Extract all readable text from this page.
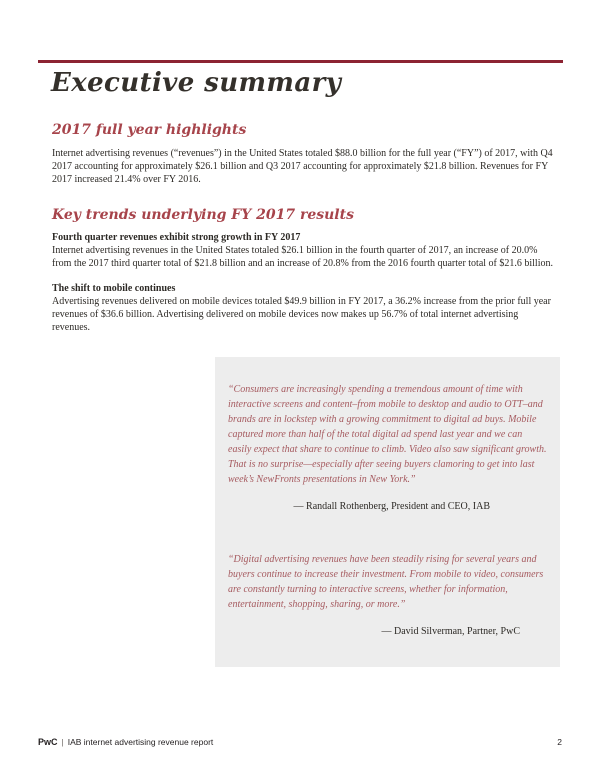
Executive summary
2017 full year highlights

Internet advertising revenues (“revenues”) in the United States totaled $88.0 billion for the full year (“FY”) of 2017, with Q4 2017 accounting for approximately $26.1 billion and Q3 2017 accounting for approximately $21.8 billion. Revenues for FY 2017 increased 21.4% over FY 2016.

Key trends underlying FY 2017 results
Fourth quarter revenues exhibit strong growth in FY 2017

Internet advertising revenues in the United States totaled $26.1 billion in the fourth quarter of 2017, an increase of 20.0% from the 2017 third quarter total of $21.8 billion and an increase of 20.8% from the 2016 fourth quarter total of $21.6 billion.

The shift to mobile continues

Advertising revenues delivered on mobile devices totaled $49.9 billion in FY 2017, a 36.2% increase from the prior full year revenues of $36.6 billion. Advertising delivered on mobile devices now makes up 56.7% of total internet advertising revenues.

“Consumers are increasingly spending a tremendous amount of time with interactive screens and content–from mobile to desktop and audio to OTT–and brands are in lockstep with a growing commitment to digital ad buys. Mobile captured more than half of the total digital ad spend last year and we can easily expect that share to continue to climb. Video also saw significant growth. That is no surprise—especially after seeing buyers clamoring to get into last week’s NewFronts presentations in New York.”

— Randall Rothenberg, President and CEO, IAB

“Digital advertising revenues have been steadily rising for several years and buyers continue to increase their investment. From mobile to video, consumers are constantly turning to interactive screens, whether for information, entertainment, shopping, sharing, or more.”

— David Silverman, Partner, PwC

PwC | IAB internet advertising revenue report	2
